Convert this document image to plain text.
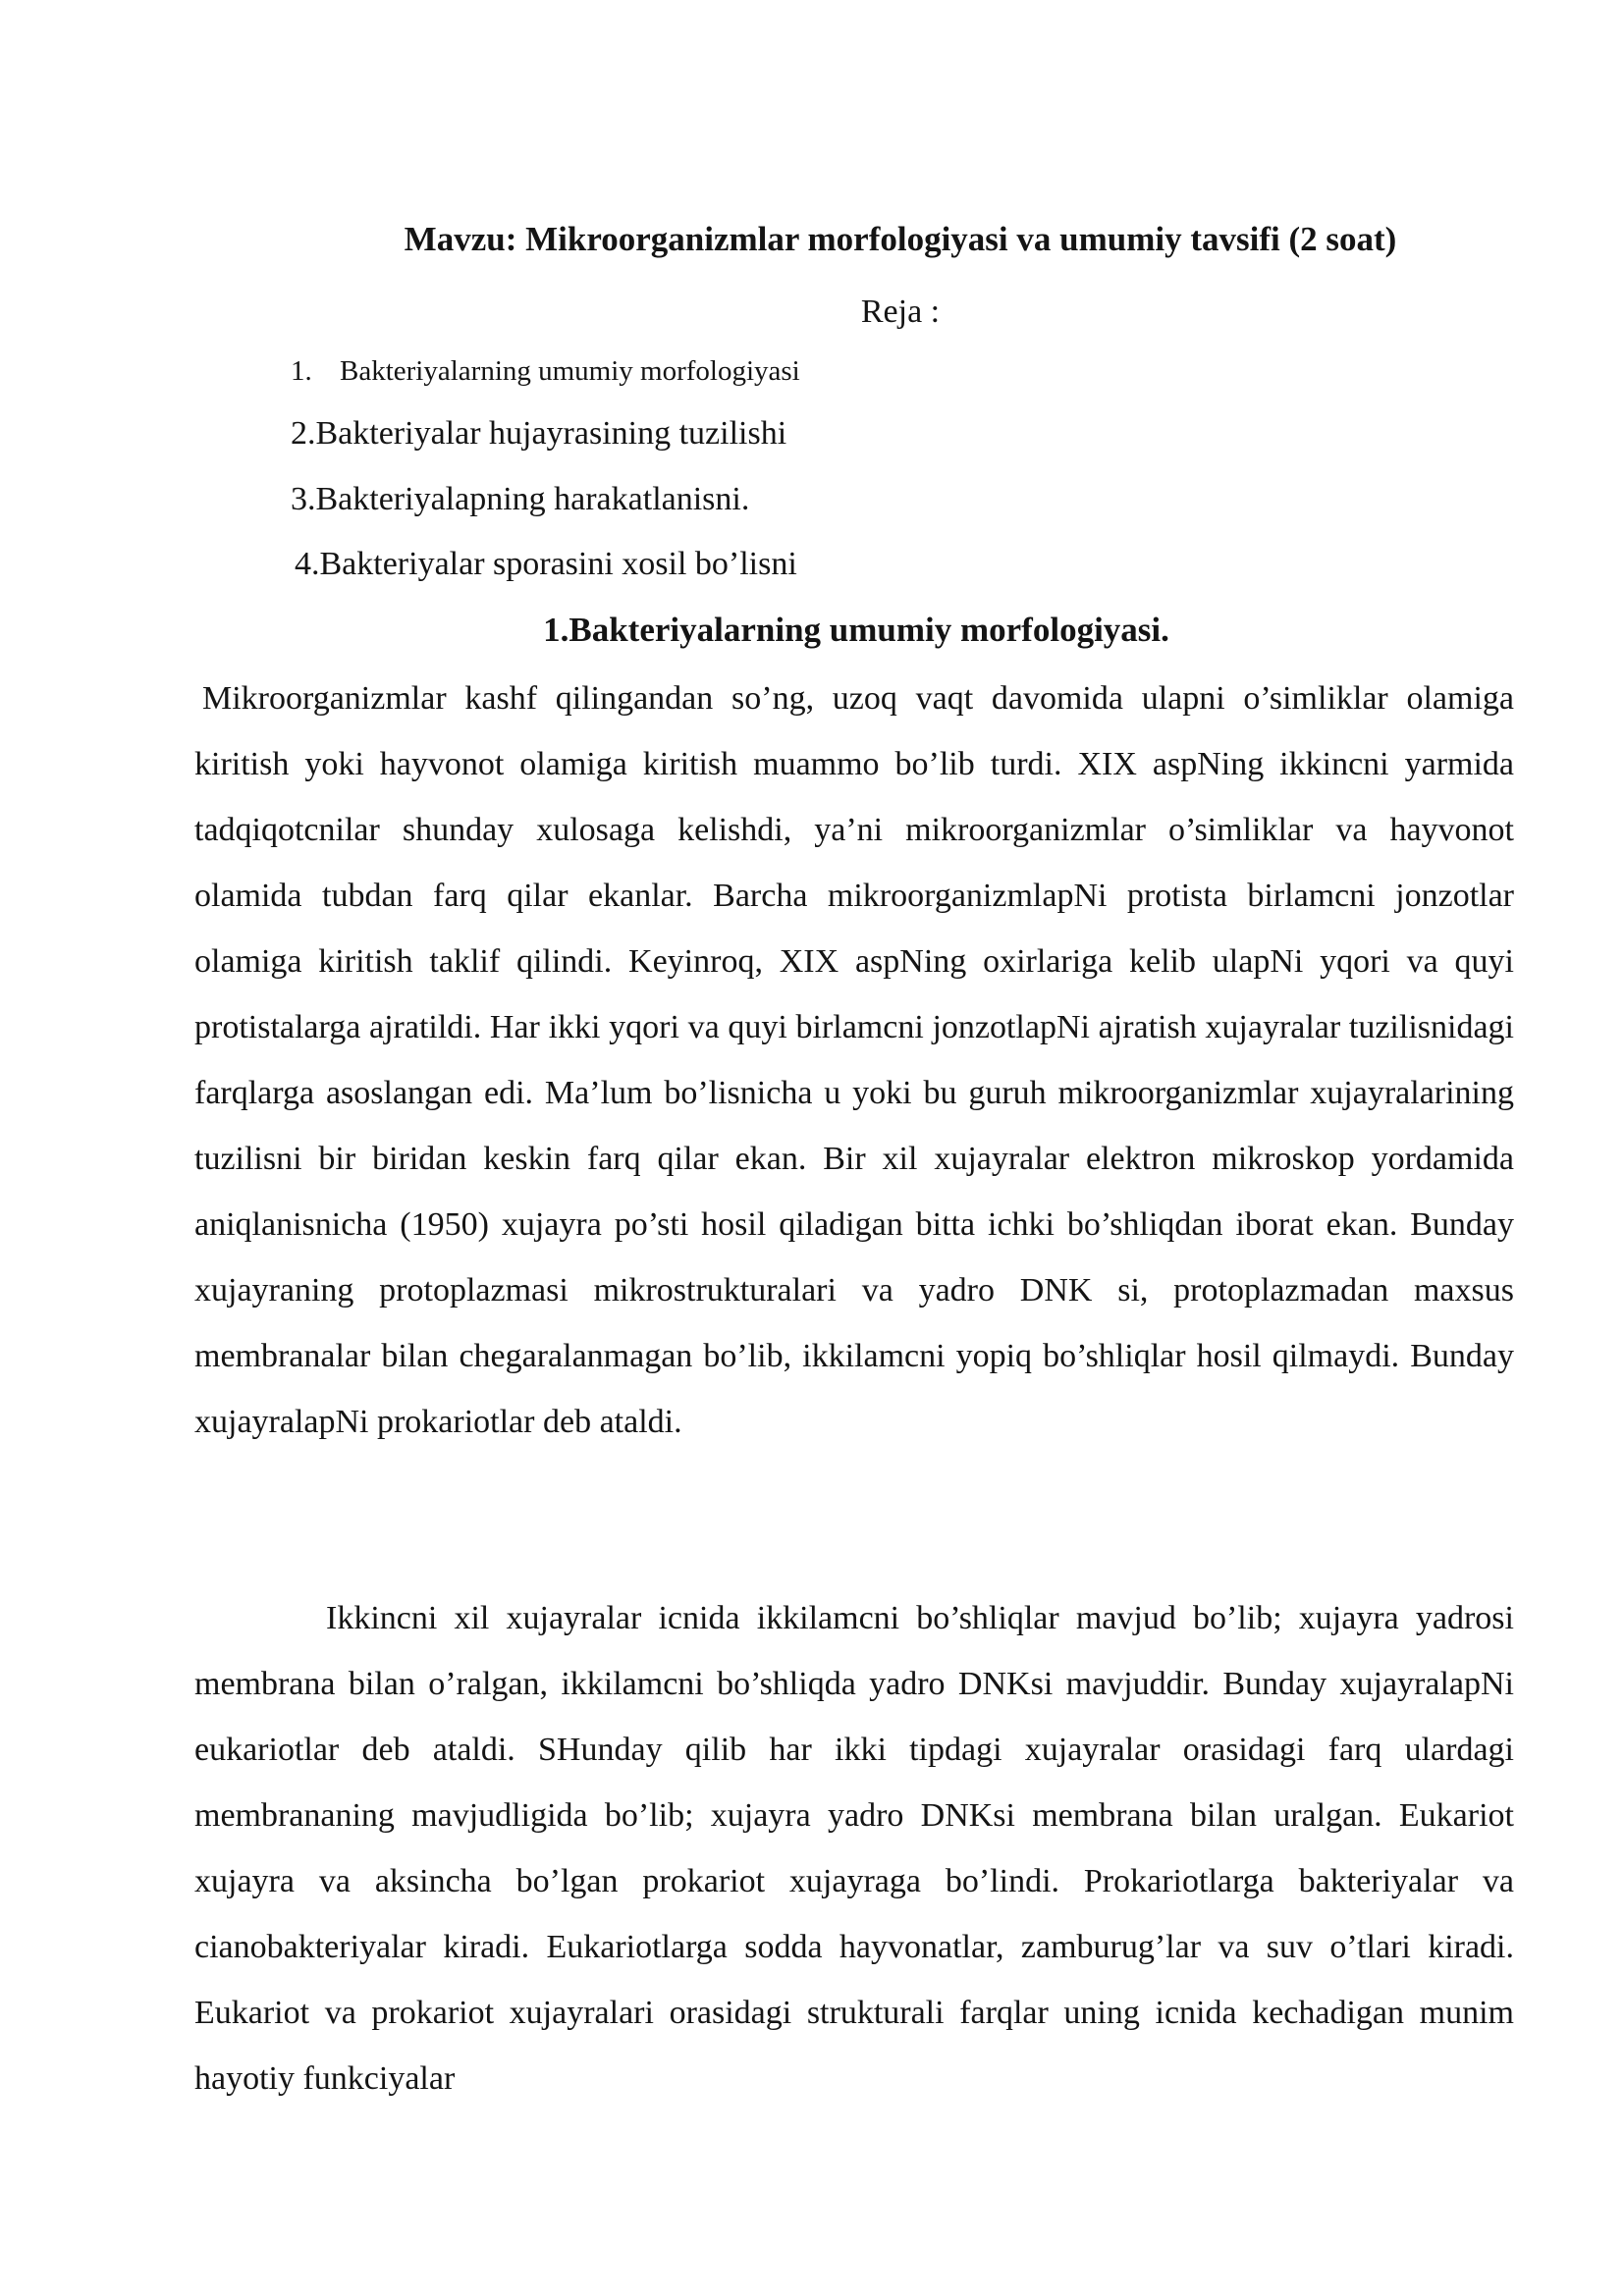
Mavzu: Mikroorganizmlar morfologiyasi va umumiy tavsifi (2 soat)
Reja :
1. Bakteriyalarning umumiy morfologiyasi
2.Bakteriyalar hujayrasining tuzilishi
3.Bakteriyalapning harakatlanisni.
4.Bakteriyalar sporasini xosil bo’lisni
1.Bakteriyalarning umumiy morfologiyasi.

Mikroorganizmlar kashf qilingandan so’ng, uzoq vaqt davomida ulapni o’simliklar olamiga kiritish yoki hayvonot olamiga kiritish muammo bo’lib turdi. XIX aspNing ikkincni yarmida tadqiqotcnilar shunday xulosaga kelishdi, ya’ni mikroorganizmlar o’simliklar va hayvonot olamida tubdan farq qilar ekanlar. Barcha mikroorganizmlapNi protista birlamcni jonzotlar olamiga kiritish taklif qilindi. Keyinroq, XIX aspNing oxirlariga kelib ulapNi yqori va quyi protistalarga ajratildi. Har ikki yqori va quyi birlamcni jonzotlapNi ajratish xujayralar tuzilisnidagi farqlarga asoslangan edi. Ma’lum bo’lisnicha u yoki bu guruh mikroorganizmlar xujayralarining tuzilisni bir biridan keskin farq qilar ekan. Bir xil xujayralar elektron mikroskop yordamida aniqlanisnicha (1950) xujayra po’sti hosil qiladigan bitta ichki bo’shliqdan iborat ekan. Bunday xujayraning protoplazmasi mikrostrukturalari va yadro DNK si, protoplazmadan maxsus membranalar bilan chegaralanmagan bo’lib, ikkilamcni yopiq bo’shliqlar hosil qilmaydi. Bunday xujayralapNi prokariotlar deb ataldi.

Ikkincni xil xujayralar icnida ikkilamcni bo’shliqlar mavjud bo’lib; xujayra yadrosi membrana bilan o’ralgan, ikkilamcni bo’shliqda yadro DNKsi mavjuddir. Bunday xujayralapNi eukariotlar deb ataldi. SHunday qilib har ikki tipdagi xujayralar orasidagi farq ulardagi membrananing mavjudligida bo’lib; xujayra yadro DNKsi membrana bilan uralgan. Eukariot xujayra va aksincha bo’lgan prokariot xujayraga bo’lindi. Prokariotlarga bakteriyalar va cianobakteriyalar kiradi. Eukariotlarga sodda hayvonatlar, zamburug’lar va suv o’tlari kiradi. Eukariot va prokariot xujayralari orasidagi strukturali farqlar uning icnida kechadigan munim hayotiy funkciyalar
